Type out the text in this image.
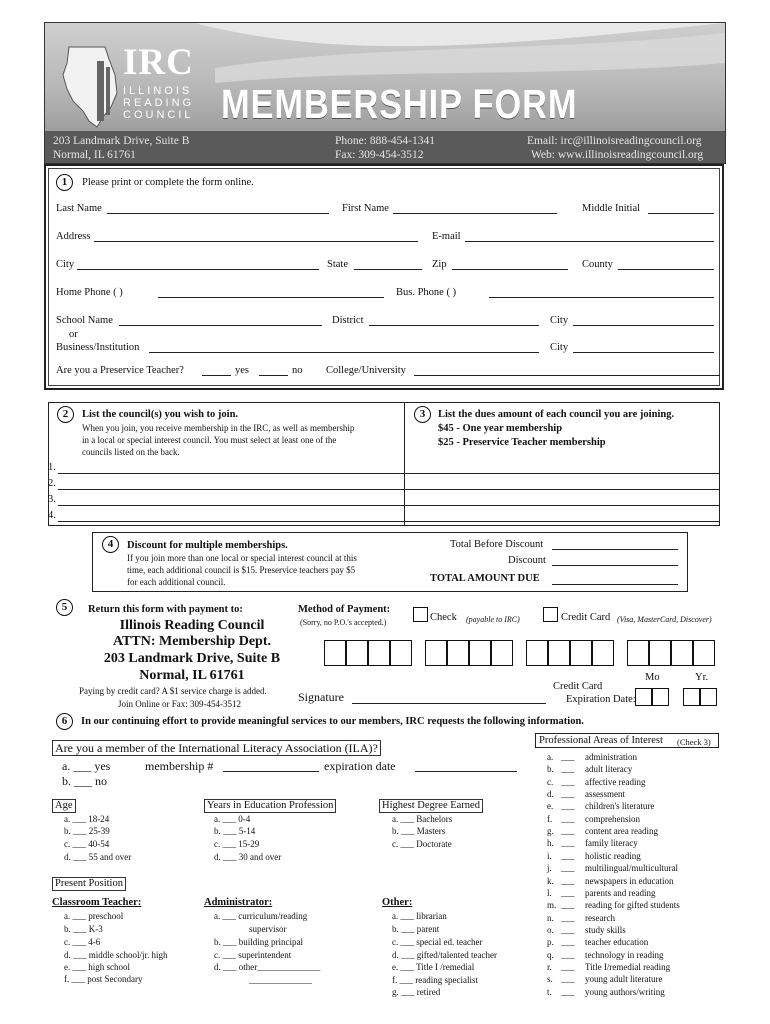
IRC
ILLINOIS
READING
COUNCIL MEMBERSHIP FORM
203 Landmark Drive, Suite B
Normal, IL 61761
Phone: 888-454-1341
Fax: 309-454-3512
Email: irc@illinoisreadingcouncil.org
Web: www.illinoisreadingcouncil.org
1	Please print or complete the form online.
Last Name	First Name	Middle Initial
Address	E-mail
City	State	Zip	County
Home Phone ( )	Bus. Phone ( )
School Name	District	City
or
Business/Institution	City
Are you a Preservice Teacher?	yes	no College/University
2	List the council(s) you wish to join.
When you join, you receive membership in the IRC, as well as membership
in a local or special interest council. You must select at least one of the
councils listed on the back.
3	List the dues amount of each council you are joining.
$45 - One year membership
$25 - Preservice Teacher membership
1.
2.
3.
4.
4	Discount for multiple memberships.
If you join more than one local or special interest council at this
time, each additional council is $15. Preservice teachers pay $5
for each additional council.
Total Before Discount
Discount
TOTAL AMOUNT DUE
5	Return this form with payment to:
Illinois Reading Council
ATTN: Membership Dept.
203 Landmark Drive, Suite B
Normal, IL 61761
Paying by credit card? A $1 service charge is added.
Join Online or Fax: 309-454-3512
Method of Payment:
(Sorry, no P.O.'s accepted.)	Check (payable to IRC)	Credit Card (Visa, MasterCard, Discover)
Signature
Credit Card
Expiration Date:
Mo	Yr.
6	In our continuing effort to provide meaningful services to our members, IRC requests the following information.
Are you a member of the International Literacy Association (ILA)?
a. ___ yes
b. ___ no
membership #	expiration date
Age
a. ___ 18-24
b. ___ 25-39
c. ___ 40-54
d. ___ 55 and over
Years in Education Profession
a. ___ 0-4
b. ___ 5-14
c. ___ 15-29
d. ___ 30 and over
Highest Degree Earned
a. ___ Bachelors
b. ___ Masters
c. ___ Doctorate
Present Position
Classroom Teacher:
a. ___ preschool
b. ___ K-3
c. ___ 4-6
d. ___ middle school/jr. high
e. ___ high school
f. ___ post Secondary
Administrator:
a. ___ curriculum/reading
supervisor
b. ___ building principal
c. ___ superintendent
d. ___ other______________
______________
Other:
a. ___ librarian
b. ___ parent
c. ___ special ed. teacher
d. ___ gifted/talented teacher
e. ___ Title I /remedial
f. ___ reading specialist
g. ___ retired
Professional Areas of Interest (Check 3)
a. ___ administration
b. ___ adult literacy
c. ___ affective reading
d. ___ assessment
e. ___ children's literature
f. ___ comprehension
g. ___ content area reading
h. ___ family literacy
i. ___ holistic reading
j. ___ multilingual/multicultural
k. ___ newspapers in education
l. ___ parents and reading
m. ___ reading for gifted students
n. ___ research
o. ___ study skills
p. ___ teacher education
q. ___ technology in reading
r. ___ Title I/remedial reading
s. ___ young adult literature
t. ___ young authors/writing
